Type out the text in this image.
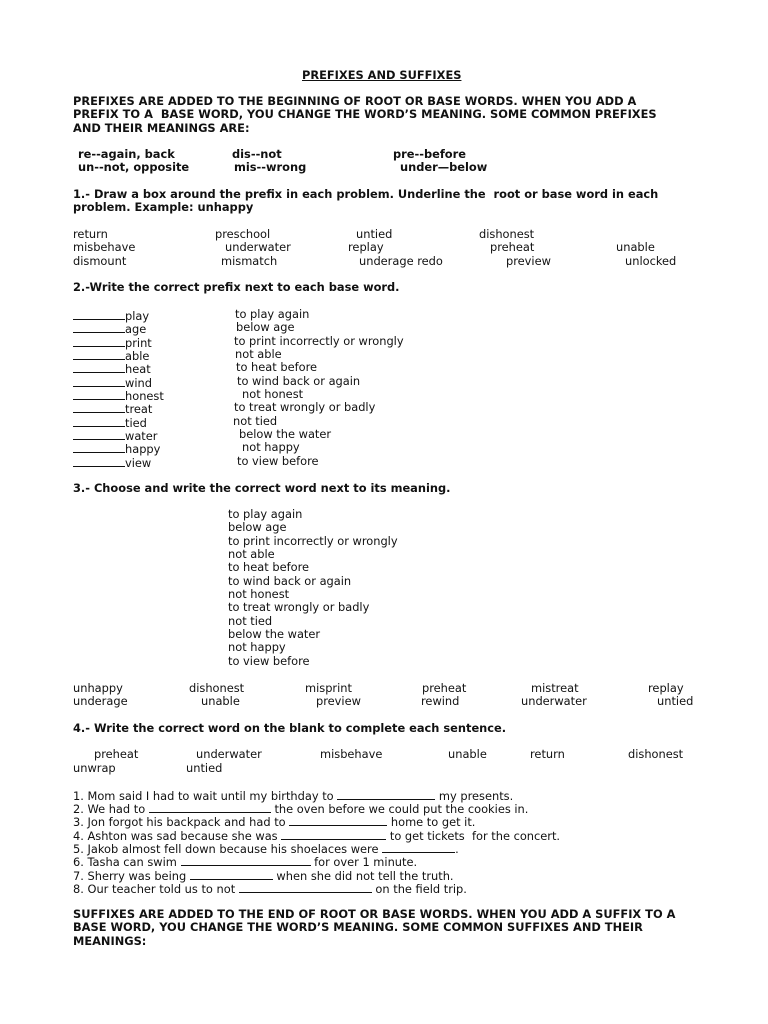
PREFIXES AND SUFFIXES
PREFIXES ARE ADDED TO THE BEGINNING OF ROOT OR BASE WORDS. WHEN YOU ADD A
PREFIX TO A  BASE WORD, YOU CHANGE THE WORD’S MEANING. SOME COMMON PREFIXES
AND THEIR MEANINGS ARE:
re--again, back	dis--not	pre--before
un--not, opposite	mis--wrong	under—below
1.- Draw a box around the prefix in each problem. Underline the  root or base word in each
problem. Example: unhappy
return	preschool	untied	dishonest
misbehave	underwater	replay	preheat	unable
dismount	mismatch	underage redo	preview	unlocked
2.-Write the correct prefix next to each base word.
play	to play again
age	below age
print	to print incorrectly or wrongly
able	not able
heat	to heat before
wind	to wind back or again
honest	not honest
treat	to treat wrongly or badly
tied	not tied
water	below the water
happy	not happy
view	to view before
3.- Choose and write the correct word next to its meaning.
to play again
below age
to print incorrectly or wrongly
not able
to heat before
to wind back or again
not honest
to treat wrongly or badly
not tied
below the water
not happy
to view before
unhappy	dishonest	misprint	preheat	mistreat	replay
underage	unable	preview	rewind	underwater	untied
4.- Write the correct word on the blank to complete each sentence.
preheat	underwater	misbehave	unable	return	dishonest
unwrap	untied
1. Mom said I had to wait until my birthday to	my presents.
2. We had to	the oven before we could put the cookies in.
3. Jon forgot his backpack and had to	home to get it.
4. Ashton was sad because she was	to get tickets  for the concert.
5. Jakob almost fell down because his shoelaces were	.
6. Tasha can swim	for over 1 minute.
7. Sherry was being	when she did not tell the truth.
8. Our teacher told us to not	on the field trip.
SUFFIXES ARE ADDED TO THE END OF ROOT OR BASE WORDS. WHEN YOU ADD A SUFFIX TO A
BASE WORD, YOU CHANGE THE WORD’S MEANING. SOME COMMON SUFFIXES AND THEIR
MEANINGS:
